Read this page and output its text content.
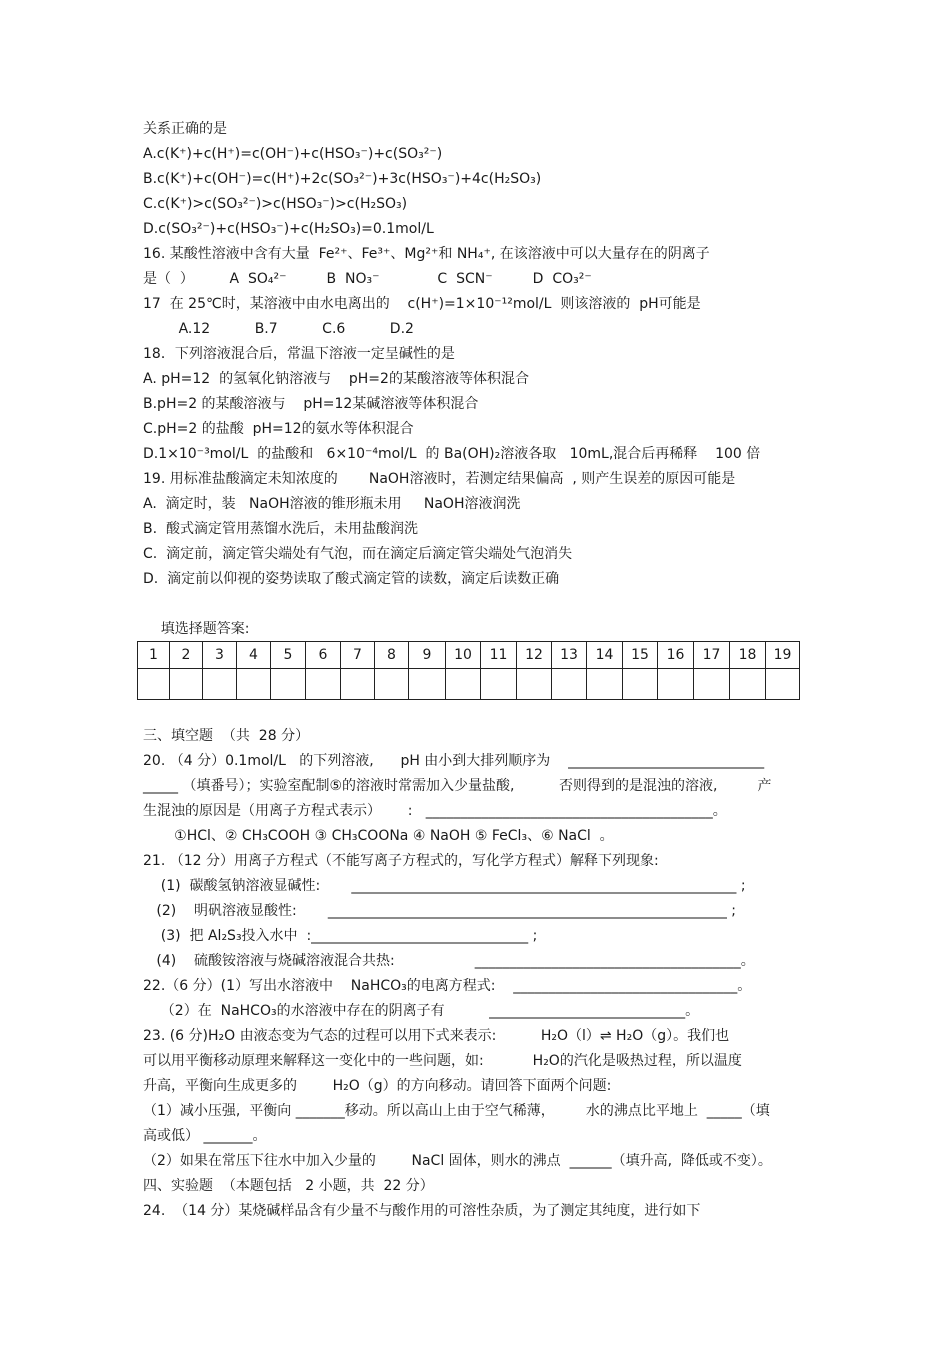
关系正确的是
A.c(K⁺)+c(H⁺)=c(OH⁻)+c(HSO₃⁻)+c(SO₃²⁻)
B.c(K⁺)+c(OH⁻)=c(H⁺)+2c(SO₃²⁻)+3c(HSO₃⁻)+4c(H₂SO₃)
C.c(K⁺)>c(SO₃²⁻)>c(HSO₃⁻)>c(H₂SO₃)
D.c(SO₃²⁻)+c(HSO₃⁻)+c(H₂SO₃)=0.1mol/L
16. 某酸性溶液中含有大量  Fe²⁺、Fe³⁺、Mg²⁺和 NH₄⁺, 在该溶液中可以大量存在的阴离子
是（  ）        A  SO₄²⁻         B  NO₃⁻             C  SCN⁻         D  CO₃²⁻
17  在 25℃时，某溶液中由水电离出的    c(H⁺)=1×10⁻¹²mol/L  则该溶液的  pH可能是
A.12          B.7          C.6          D.2
18．下列溶液混合后，常温下溶液一定呈碱性的是
A. pH=12  的氢氧化钠溶液与    pH=2的某酸溶液等体积混合
B.pH=2 的某酸溶液与    pH=12某碱溶液等体积混合
C.pH=2 的盐酸  pH=12的氨水等体积混合
D.1×10⁻³mol/L  的盐酸和   6×10⁻⁴mol/L  的 Ba(OH)₂溶液各取   10mL,混合后再稀释    100 倍
19. 用标准盐酸滴定未知浓度的       NaOH溶液时，若测定结果偏高  , 则产生误差的原因可能是
A.  滴定时，装   NaOH溶液的锥形瓶未用     NaOH溶液润洗
B.  酸式滴定管用蒸馏水洗后，未用盐酸润洗
C.  滴定前，滴定管尖端处有气泡，而在滴定后滴定管尖端处气泡消失
D.  滴定前以仰视的姿势读取了酸式滴定管的读数，滴定后读数正确
填选择题答案:
1	2	3	4	5	6	7	8	9	10	11	12	13	14	15	16	17	18	19

三、填空题  （共  28 分）
20. （4 分）0.1mol/L   的下列溶液,      pH 由小到大排列顺序为    ____________________________
_____ （填番号）；实验室配制⑤的溶液时常需加入少量盐酸,          否则得到的是混浊的溶液,         产
生混浊的原因是（用离子方程式表示）      :   _________________________________________。
①HCl、② CH₃COOH ③ CH₃COONa ④ NaOH ⑤ FeCl₃、⑥ NaCl  。
21. （12 分）用离子方程式（不能写离子方程式的，写化学方程式）解释下列现象:
(1)  碳酸氢钠溶液显碱性:       _______________________________________________________ ;
(2)    明矾溶液显酸性:       _________________________________________________________ ;
(3)  把 Al₂S₃投入水中  :_______________________________ ;
(4)    硫酸铵溶液与烧碱溶液混合共热:                  ______________________________________。
22.（6 分）(1）写出水溶液中    NaHCO₃的电离方程式:    ________________________________。
（2）在  NaHCO₃的水溶液中存在的阴离子有          ____________________________。
23. (6 分)H₂O 由液态变为气态的过程可以用下式来表示:          H₂O（l）⇌ H₂O（g）。我们也
可以用平衡移动原理来解释这一变化中的一些问题，如:           H₂O的汽化是吸热过程，所以温度
升高，平衡向生成更多的        H₂O（g）的方向移动。请回答下面两个问题:
（1）减小压强,  平衡向 _______移动。所以高山上由于空气稀薄，       水的沸点比平地上  _____（填
高或低） _______。
（2）如果在常压下往水中加入少量的        NaCl 固体，则水的沸点  ______（填升高,  降低或不变）。
四、实验题  （本题包括   2 小题，共  22 分）
24.  （14 分）某烧碱样品含有少量不与酸作用的可溶性杂质，为了测定其纯度，进行如下
